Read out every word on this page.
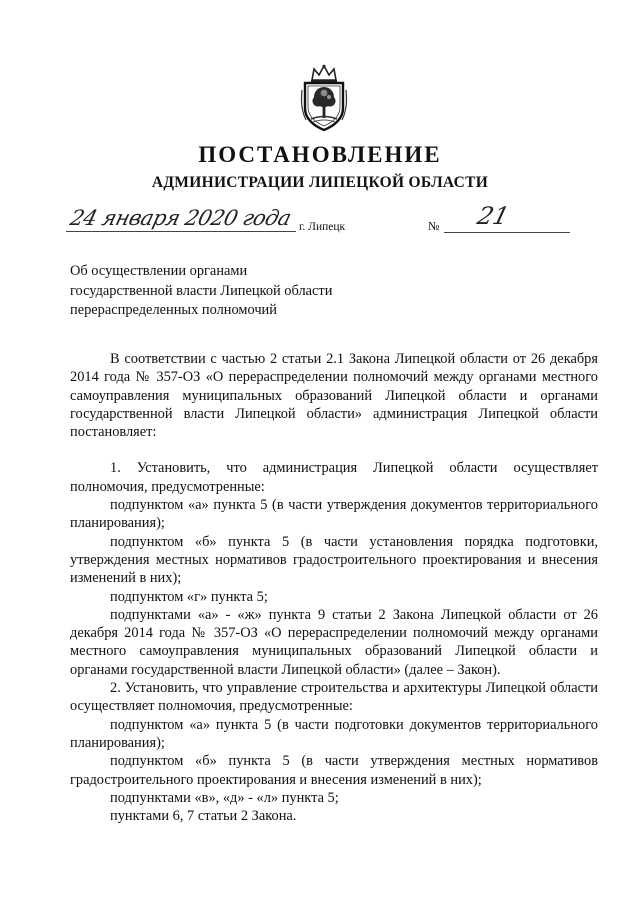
ПОСТАНОВЛЕНИЕ
АДМИНИСТРАЦИИ ЛИПЕЦКОЙ ОБЛАСТИ
24 января 2020 года г. Липецк	№ 21
Об осуществлении органами
государственной власти Липецкой области
перераспределенных полномочий

В соответствии с частью 2 статьи 2.1 Закона Липецкой области от 26 декабря 2014 года № 357-ОЗ «О перераспределении полномочий между органами местного самоуправления муниципальных образований Липецкой области и органами государственной власти Липецкой области» администрация Липецкой области постановляет:

1. Установить, что администрация Липецкой области осуществляет полномочия, предусмотренные:

подпунктом «а» пункта 5 (в части утверждения документов территориального планирования);

подпунктом «б» пункта 5 (в части установления порядка подготовки, утверждения местных нормативов градостроительного проектирования и внесения изменений в них);

подпунктом «г» пункта 5;

подпунктами «а» - «ж» пункта 9 статьи 2 Закона Липецкой области от 26 декабря 2014 года № 357-ОЗ «О перераспределении полномочий между органами местного самоуправления муниципальных образований Липецкой области и органами государственной власти Липецкой области» (далее – Закон).

2. Установить, что управление строительства и архитектуры Липецкой области осуществляет полномочия, предусмотренные:

подпунктом «а» пункта 5 (в части подготовки документов территориального планирования);

подпунктом «б» пункта 5 (в части утверждения местных нормативов градостроительного проектирования и внесения изменений в них);

подпунктами «в», «д» - «л» пункта 5;

пунктами 6, 7 статьи 2 Закона.
